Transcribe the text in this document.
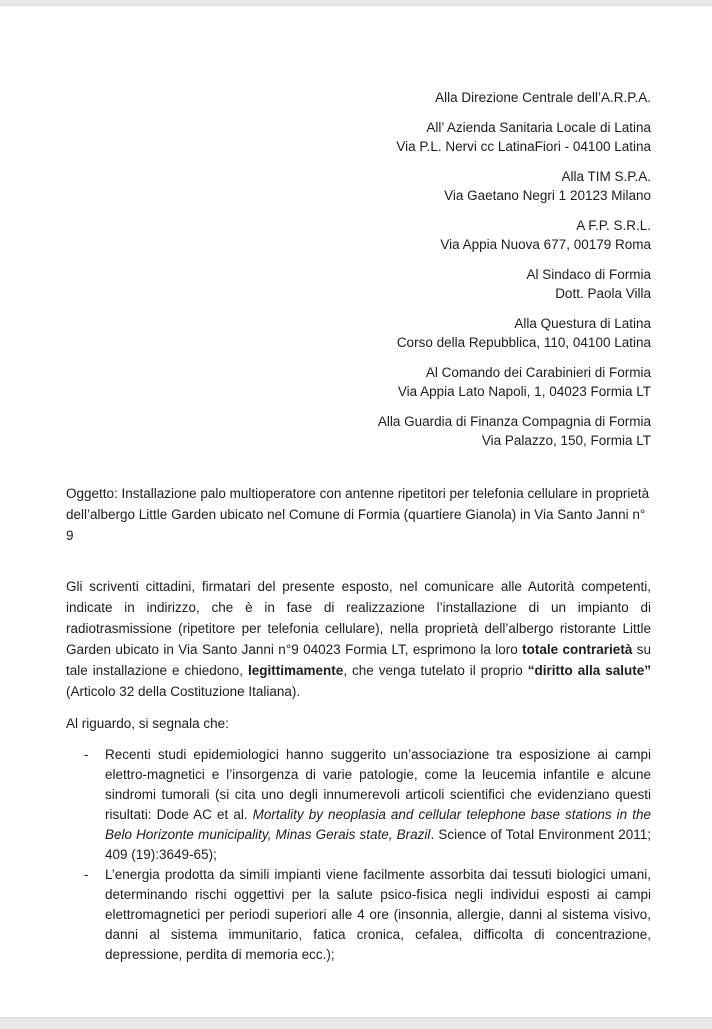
Alla Direzione Centrale dell’A.R.P.A.
All’ Azienda Sanitaria Locale di Latina
Via P.L. Nervi cc LatinaFiori - 04100 Latina
Alla TIM S.P.A.
Via Gaetano Negri 1 20123 Milano
A F.P. S.R.L.
Via Appia Nuova 677, 00179 Roma
Al Sindaco di Formia
Dott. Paola Villa
Alla Questura di Latina
Corso della Repubblica, 110, 04100 Latina
Al Comando dei Carabinieri di Formia
Via Appia Lato Napoli, 1, 04023 Formia LT
Alla Guardia di Finanza Compagnia di Formia
Via Palazzo, 150, Formia LT

Oggetto: Installazione palo multioperatore con antenne ripetitori per telefonia cellulare in proprietà dell’albergo Little Garden ubicato nel Comune di Formia (quartiere Gianola) in Via Santo Janni n° 9

Gli scriventi cittadini, firmatari del presente esposto, nel comunicare alle Autorità competenti, indicate in indirizzo, che è in fase di realizzazione l’installazione di un impianto di radiotrasmissione (ripetitore per telefonia cellulare), nella proprietà dell’albergo ristorante Little Garden ubicato in Via Santo Janni n°9 04023 Formia LT, esprimono la loro totale contrarietà su tale installazione e chiedono, legittimamente, che venga tutelato il proprio “diritto alla salute” (Articolo 32 della Costituzione Italiana).

Al riguardo, si segnala che:

- Recenti studi epidemiologici hanno suggerito un’associazione tra esposizione ai campi elettro-magnetici e l’insorgenza di varie patologie, come la leucemia infantile e alcune sindromi tumorali (si cita uno degli innumerevoli articoli scientifici che evidenziano questi risultati: Dode AC et al. Mortality by neoplasia and cellular telephone base stations in the Belo Horizonte municipality, Minas Gerais state, Brazil. Science of Total Environment 2011; 409 (19):3649-65);
- L’energia prodotta da simili impianti viene facilmente assorbita dai tessuti biologici umani, determinando rischi oggettivi per la salute psico-fisica negli individui esposti ai campi elettromagnetici per periodi superiori alle 4 ore (insonnia, allergie, danni al sistema visivo, danni al sistema immunitario, fatica cronica, cefalea, difficolta di concentrazione, depressione, perdita di memoria ecc.);
